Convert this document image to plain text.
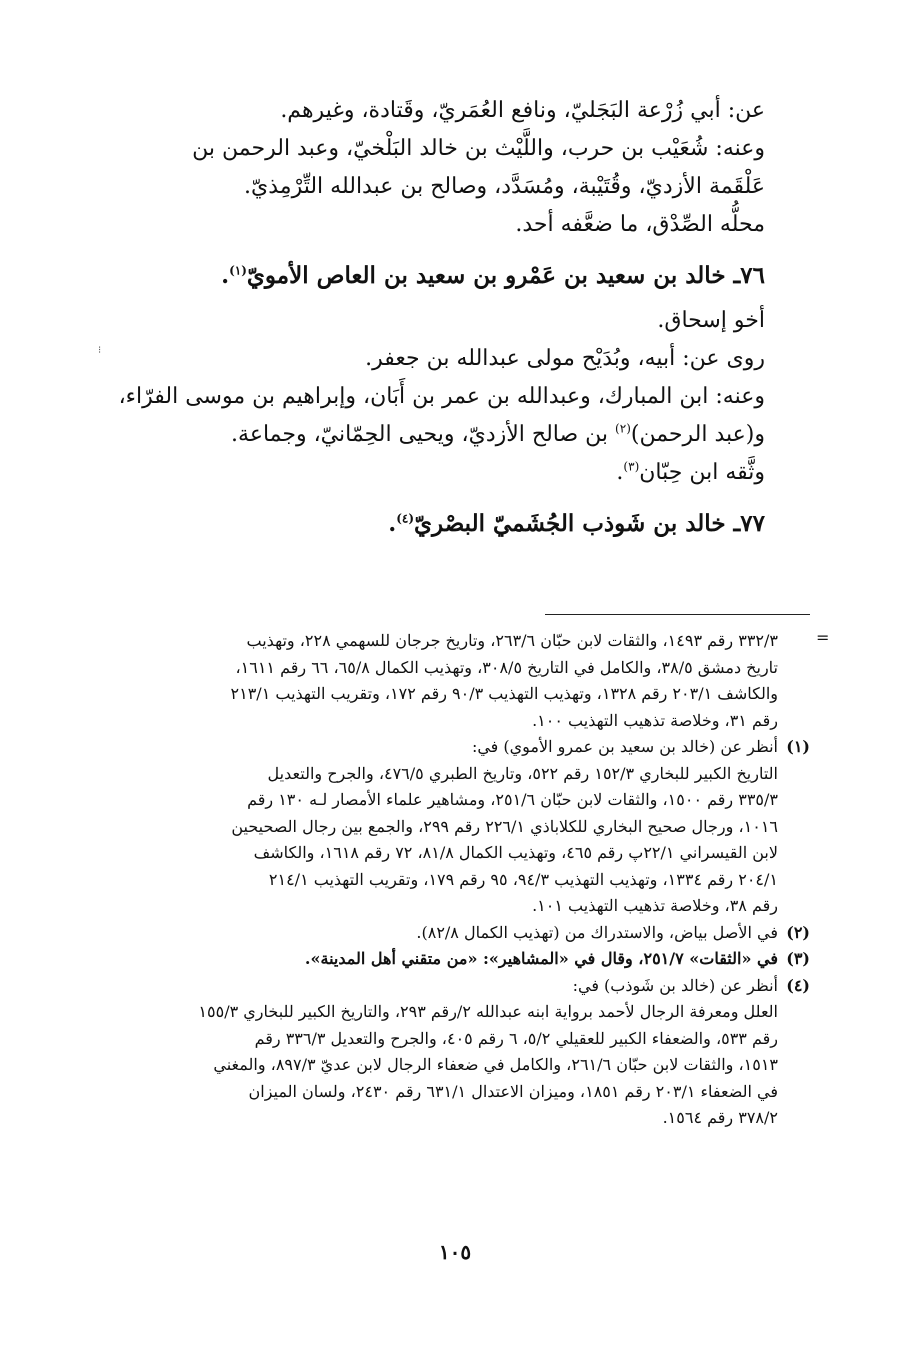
⁝
عن: أبي زُرْعة البَجَليّ، ونافع العُمَريّ، وقَتادة، وغيرهم.
وعنه: شُعَيْب بن حرب، واللَّيْث بن خالد البَلْخيّ، وعبد الرحمن بن
عَلْقَمة الأزديّ، وقُتَيْبة، ومُسَدَّد، وصالح بن عبدالله التِّرْمِذيّ.
محلُّه الصِّدْق، ما ضعَّفه أحد.
٧٦ـ خالد بن سعيد بن عَمْرو بن سعيد بن العاص الأمويّ$^{(١)}$.
أخو إسحاق.
روى عن: أبيه، وبُدَيْح مولى عبدالله بن جعفر.
وعنه: ابن المبارك، وعبدالله بن عمر بن أَبَان، وإبراهيم بن موسى الفرّاء،
و(عبد الرحمن)$^{(٢)}$ بن صالح الأزديّ، ويحيى الحِمّانيّ، وجماعة.
وثَّقه ابن حِبّان$^{(٣)}$.
٧٧ـ خالد بن شَوذب الجُشَميّ البصْريّ$^{(٤)}$.
=
٣٣٢/٣ رقم ١٤٩٣، والثقات لابن حبّان ٢٦٣/٦، وتاريخ جرجان للسهمي ٢٢٨، وتهذيب
تاريخ دمشق ٣٨/٥، والكامل في التاريخ ٣٠٨/٥، وتهذيب الكمال ٦٥/٨، ٦٦ رقم ١٦١١،
والكاشف ٢٠٣/١ رقم ١٣٢٨، وتهذيب التهذيب ٩٠/٣ رقم ١٧٢، وتقريب التهذيب ٢١٣/١
رقم ٣١، وخلاصة تذهيب التهذيب ١٠٠.
(١)أنظر عن (خالد بن سعيد بن عمرو الأموي) في:
التاريخ الكبير للبخاري ١٥٢/٣ رقم ٥٢٢، وتاريخ الطبري ٤٧٦/٥، والجرح والتعديل
٣٣٥/٣ رقم ١٥٠٠، والثقات لابن حبّان ٢٥١/٦، ومشاهير علماء الأمصار لـه ١٣٠ رقم
١٠١٦، ورجال صحيح البخاري للكلاباذي ٢٢٦/١ رقم ٢٩٩، والجمع بين رجال الصحيحين
لابن القيسراني ٢٢/١پ رقم ٤٦٥، وتهذيب الكمال ٨١/٨، ٧٢ رقم ١٦١٨، والكاشف
٢٠٤/١ رقم ١٣٣٤، وتهذيب التهذيب ٩٤/٣، ٩٥ رقم ١٧٩، وتقريب التهذيب ٢١٤/١
رقم ٣٨، وخلاصة تذهيب التهذيب ١٠١.
(٢)في الأصل بياض، والاستدراك من (تهذيب الكمال ٨٢/٨).
(٣)في «الثقات» ٢٥١/٧، وقال في «المشاهير»: «من متقني أهل المدينة».
(٤)أنظر عن (خالد بن شَوذب) في:
العلل ومعرفة الرجال لأحمد برواية ابنه عبدالله ٢/رقم ٢٩٣، والتاريخ الكبير للبخاري ١٥٥/٣
رقم ٥٣٣، والضعفاء الكبير للعقيلي ٥/٢، ٦ رقم ٤٠٥، والجرح والتعديل ٣٣٦/٣ رقم
١٥١٣، والثقات لابن حبّان ٢٦١/٦، والكامل في ضعفاء الرجال لابن عديّ ٨٩٧/٣، والمغني
في الضعفاء ٢٠٣/١ رقم ١٨٥١، وميزان الاعتدال ٦٣١/١ رقم ٢٤٣٠، ولسان الميزان
٣٧٨/٢ رقم ١٥٦٤.
١٠٥
